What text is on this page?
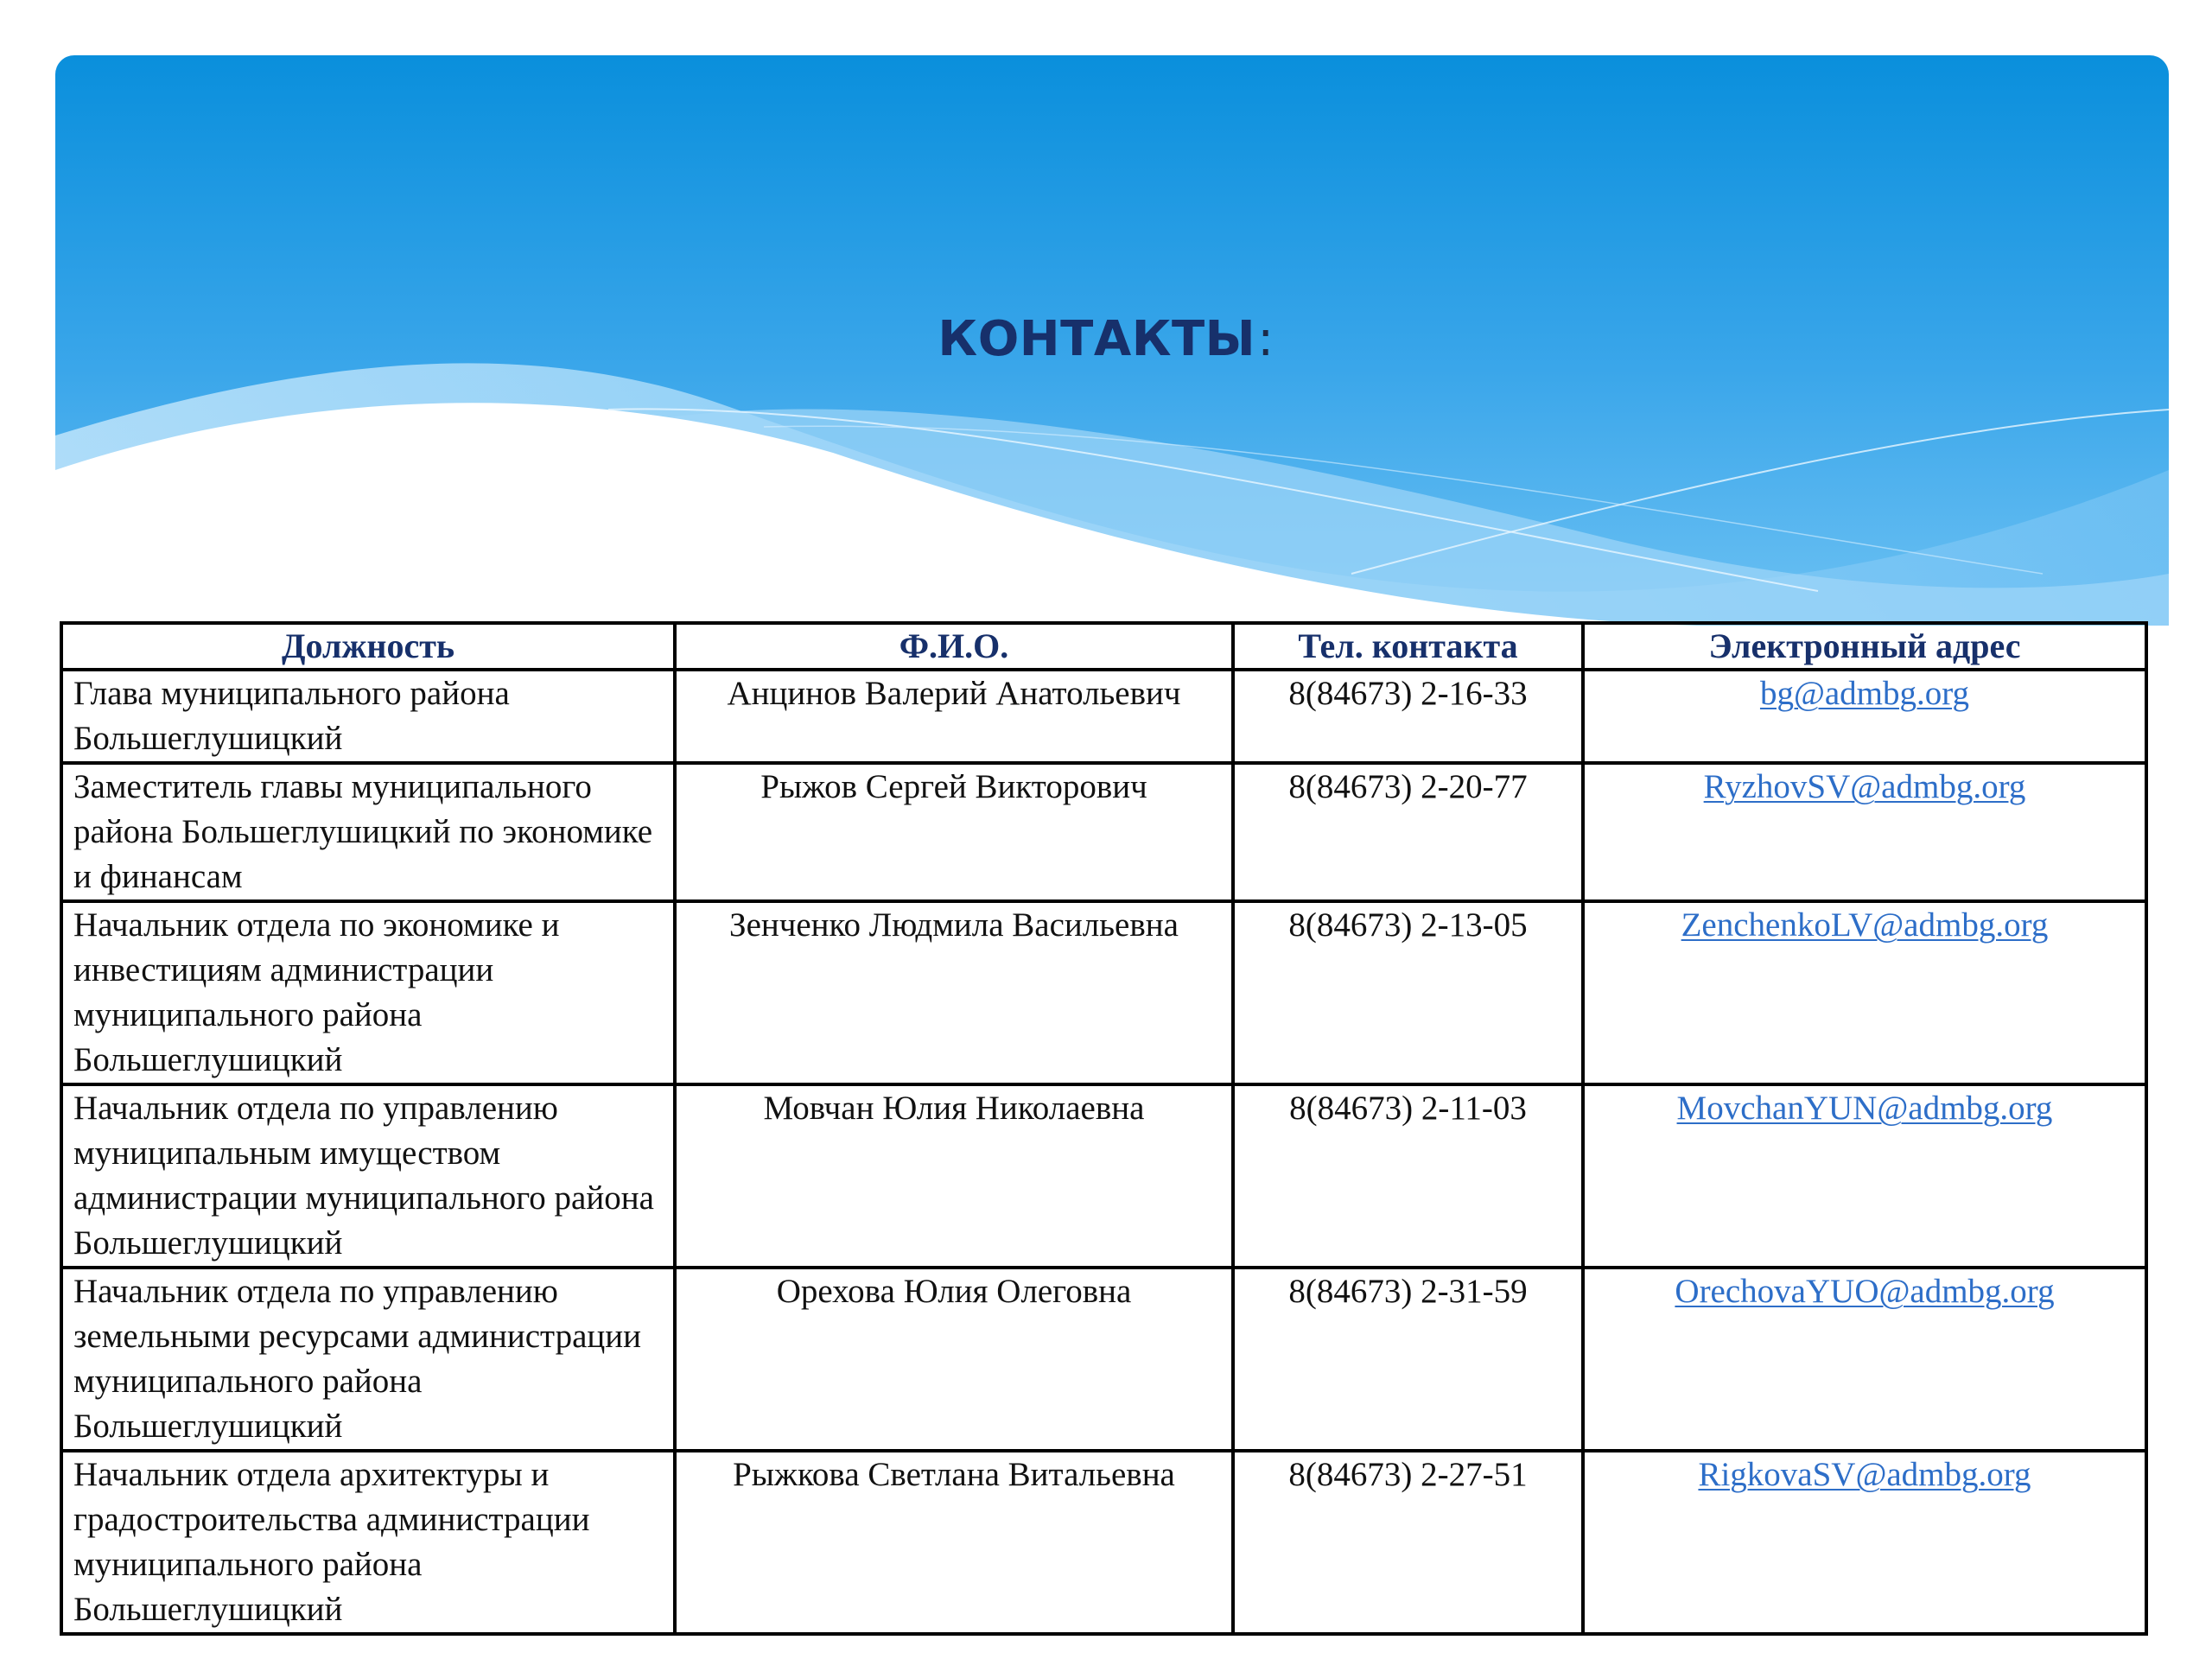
КОНТАКТЫ:
Должность	Ф.И.О.	Тел. контакта	Электронный адрес
Глава муниципального района Большеглушицкий	Анцинов Валерий Анатольевич	8(84673) 2-16-33	bg@admbg.org
Заместитель главы муниципального района Большеглушицкий по экономике и финансам	Рыжов Сергей Викторович	8(84673) 2-20-77	RyzhovSV@admbg.org
Начальник отдела по экономике и инвестициям администрации муниципального района Большеглушицкий	Зенченко Людмила Васильевна	8(84673) 2-13-05	ZenchenkoLV@admbg.org
Начальник отдела по управлению муниципальным имуществом администрации муниципального района Большеглушицкий	Мовчан Юлия Николаевна	8(84673) 2-11-03	MovchanYUN@admbg.org
Начальник отдела по управлению земельными ресурсами администрации муниципального района Большеглушицкий	Орехова Юлия Олеговна	8(84673) 2-31-59	OrechovaYUO@admbg.org
Начальник отдела архитектуры и градостроительства администрации муниципального района Большеглушицкий	Рыжкова Светлана Витальевна	8(84673) 2-27-51	RigkovaSV@admbg.org
